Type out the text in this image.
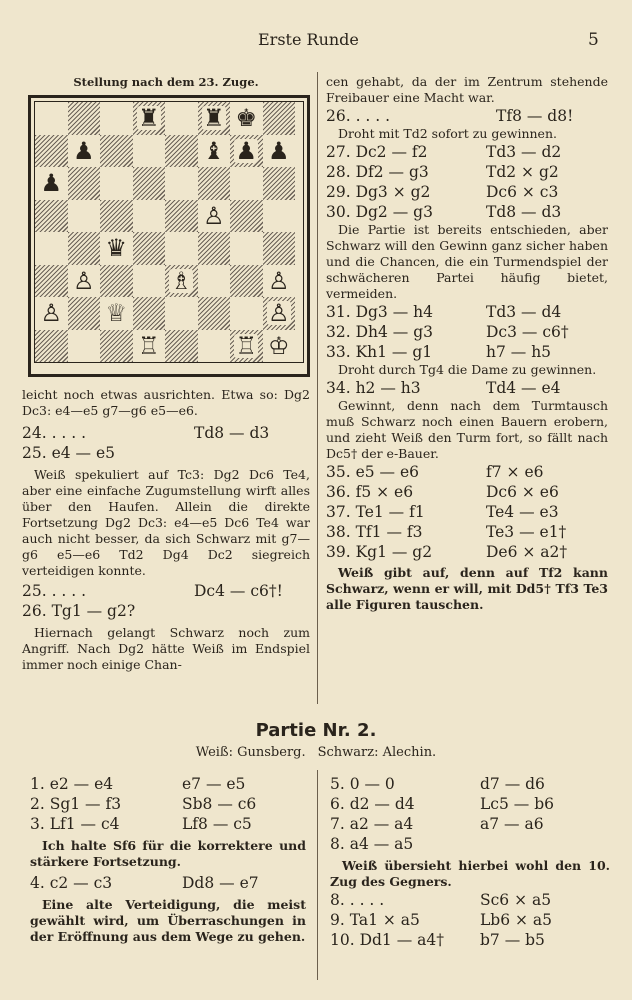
Erste Runde	5
Stellung nach dem 23. Zuge.
♜ ♜ ♚
♟	♝ ♟ ♟
♟
♙
♛
♙	♗	♙
♙ ♕	♙
♖	♖ ♔

leicht noch etwas ausrichten. Etwa so: Dg2 Dc3: e4—e5 g7—g6 e5—e6.

24. . . . .	Td8 — d3
25. e4 — e5

Weiß spekuliert auf Tc3: Dg2 Dc6 Te4, aber eine einfache Zugumstellung wirft alles über den Haufen. Allein die direkte Fortsetzung Dg2 Dc3: e4—e5 Dc6 Te4 war auch nicht besser, da sich Schwarz mit g7—g6 e5—e6 Td2 Dg4 Dc2 siegreich verteidigen konnte.

25. . . . .	Dc4 — c6†!
26. Tg1 — g2?

Hiernach gelangt Schwarz noch zum Angriff. Nach Dg2 hätte Weiß im Endspiel immer noch einige Chan-

cen gehabt, da der im Zentrum stehende Freibauer eine Macht war.

26. . . . .	Tf8 — d8!

Droht mit Td2 sofort zu gewinnen.

27. Dc2 — f2	Td3 — d2
28. Df2 — g3	Td2 × g2
29. Dg3 × g2	Dc6 × c3
30. Dg2 — g3	Td8 — d3

Die Partie ist bereits entschieden, aber Schwarz will den Gewinn ganz sicher haben und die Chancen, die ein Turmendspiel der schwächeren Partei häufig bietet, vermeiden.

31. Dg3 — h4	Td3 — d4
32. Dh4 — g3	Dc3 — c6†
33. Kh1 — g1	h7 — h5

Droht durch Tg4 die Dame zu gewinnen.

34. h2 — h3	Td4 — e4

Gewinnt, denn nach dem Turmtausch muß Schwarz noch einen Bauern erobern, und zieht Weiß den Turm fort, so fällt nach Dc5† der e-Bauer.

35. e5 — e6	f7 × e6
36. f5 × e6	Dc6 × e6
37. Te1 — f1	Te4 — e3
38. Tf1 — f3	Te3 — e1†
39. Kg1 — g2	De6 × a2†

Weiß gibt auf, denn auf Tf2 kann Schwarz, wenn er will, mit Dd5† Tf3 Te3 alle Figuren tauschen.

Partie Nr. 2.
Weiß: Gunsberg. Schwarz: Alechin.
1. e2 — e4	e7 — e5
2. Sg1 — f3	Sb8 — c6
3. Lf1 — c4	Lf8 — c5

Ich halte Sf6 für die korrektere und stärkere Fortsetzung.

4. c2 — c3	Dd8 — e7

Eine alte Verteidigung, die meist gewählt wird, um Überraschungen in der Eröffnung aus dem Wege zu gehen.

5. 0 — 0	d7 — d6
6. d2 — d4	Lc5 — b6
7. a2 — a4	a7 — a6
8. a4 — a5

Weiß übersieht hierbei wohl den 10. Zug des Gegners.

8. . . . .	Sc6 × a5
9. Ta1 × a5	Lb6 × a5
10. Dd1 — a4† b7 — b5
